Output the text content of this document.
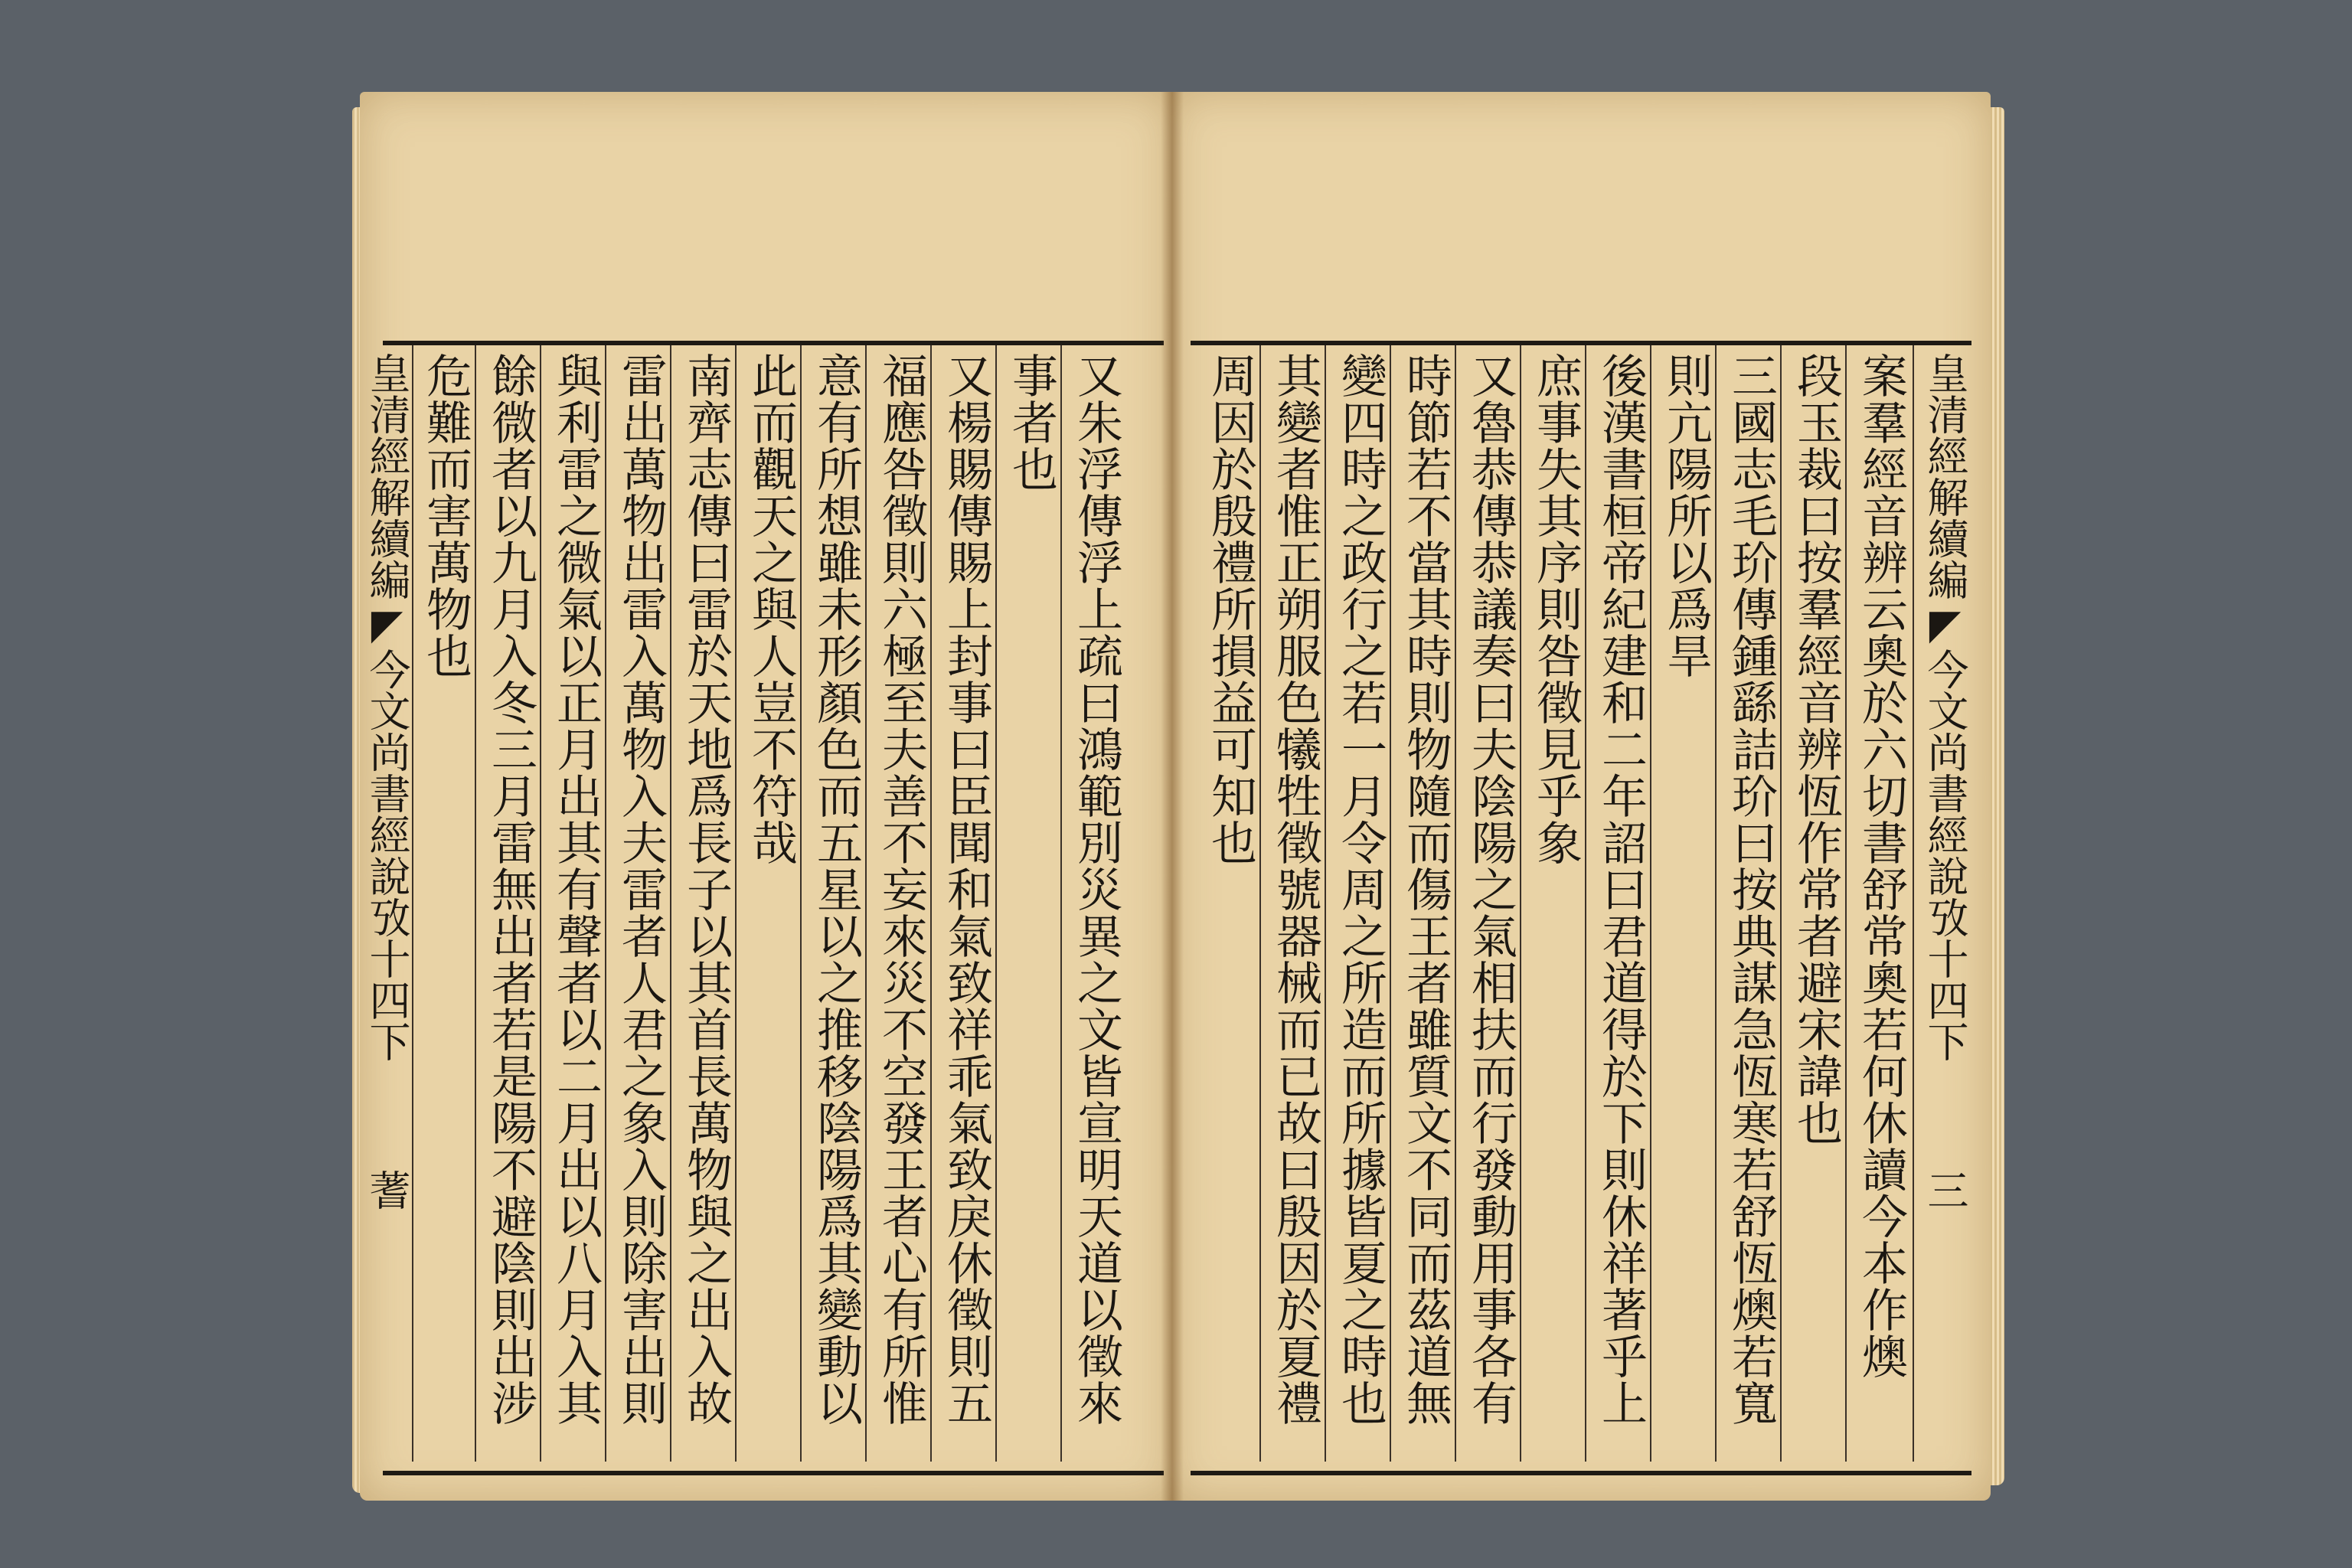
又朱浮傳浮上疏曰鴻範別災異之文皆宣明天道以徵來
事者也
又楊賜傳賜上封事曰臣聞和氣致祥乖氣致戾休徵則五
福應咎徵則六極至夫善不妄來災不空發王者心有所惟
意有所想雖未形顏色而五星以之推移陰陽爲其變動以
此而觀天之與人豈不符哉
南齊志傳曰雷於天地爲長子以其首長萬物與之出入故
雷出萬物出雷入萬物入夫雷者人君之象入則除害出則
與利雷之微氣以正月出其有聲者以二月出以八月入其
餘微者以九月入冬三月雷無出者若是陽不避陰則出涉
危難而害萬物也
皇清經解續編◤今文尚書經說攷十四下蓍
皇清經解續編◤今文尚書經說攷十四下三
案羣經音辨云奧於六切書舒常奧若何休讀今本作燠
段玉裁曰按羣經音辨恆作常者避宋諱也
三國志毛玠傳鍾繇詰玠曰按典謀急恆寒若舒恆燠若寬
則亢陽所以爲旱
後漢書桓帝紀建和二年詔曰君道得於下則休祥著乎上
庶事失其序則咎徵見乎象
又魯恭傳恭議奏曰夫陰陽之氣相扶而行發動用事各有
時節若不當其時則物隨而傷王者雖質文不同而茲道無
變四時之政行之若一月令周之所造而所據皆夏之時也
其變者惟正朔服色犧牲徵號器械而已故曰殷因於夏禮
周因於殷禮所損益可知也
